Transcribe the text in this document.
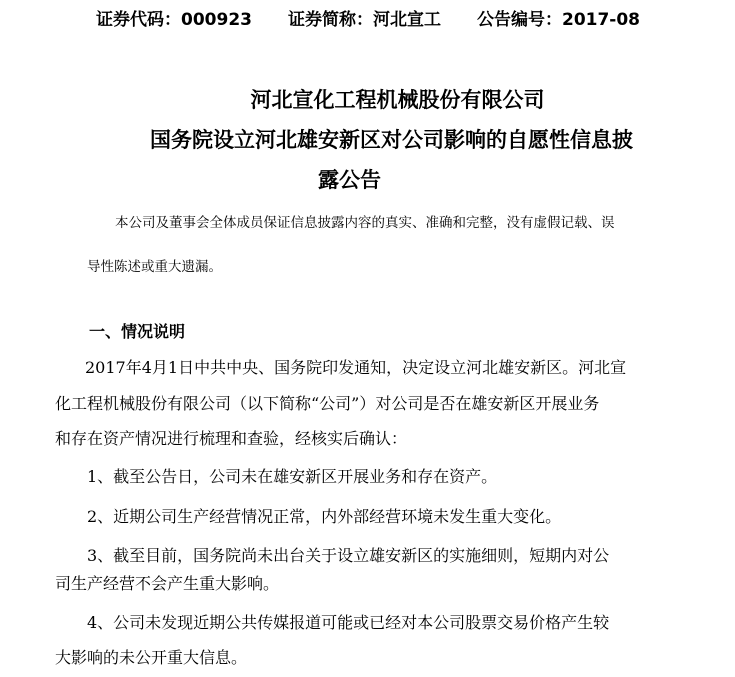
证券代码：000923 证券简称：河北宣工 公告编号：2017-08
河北宣化工程机械股份有限公司
国务院设立河北雄安新区对公司影响的自愿性信息披
露公告
本公司及董事会全体成员保证信息披露内容的真实、准确和完整，没有虚假记载、误
导性陈述或重大遗漏。
一、情况说明
2017年4月1日中共中央、国务院印发通知，决定设立河北雄安新区。河北宣
化工程机械股份有限公司（以下简称“公司”）对公司是否在雄安新区开展业务
和存在资产情况进行梳理和查验，经核实后确认：
1、截至公告日，公司未在雄安新区开展业务和存在资产。
2、近期公司生产经营情况正常，内外部经营环境未发生重大变化。
3、截至目前，国务院尚未出台关于设立雄安新区的实施细则，短期内对公
司生产经营不会产生重大影响。
4、公司未发现近期公共传媒报道可能或已经对本公司股票交易价格产生较
大影响的未公开重大信息。
